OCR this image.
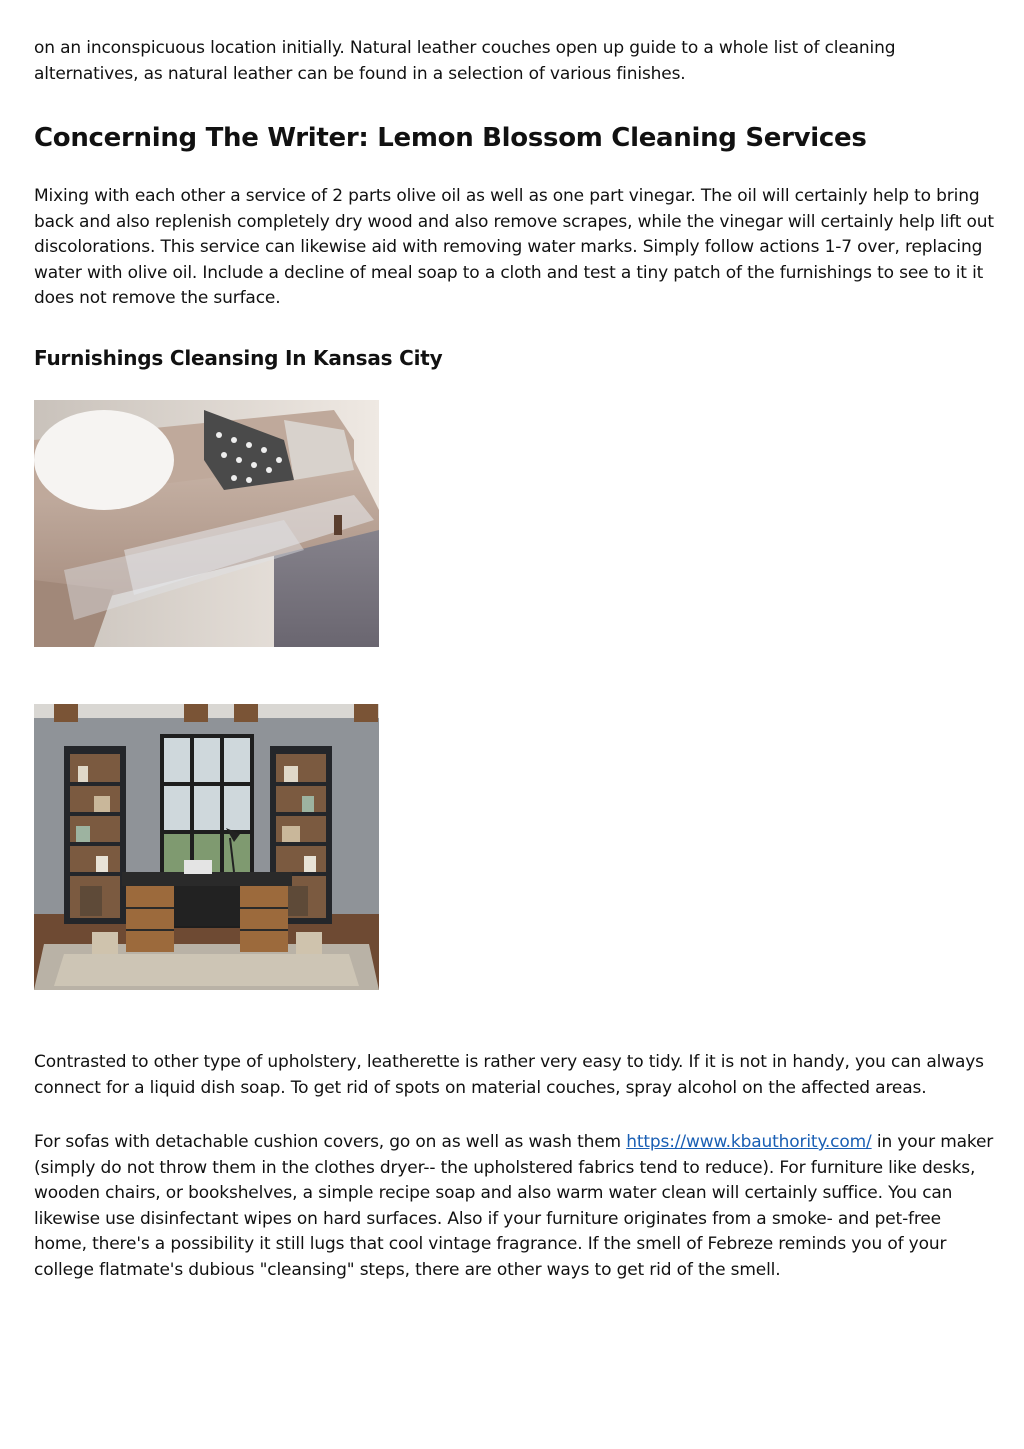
on an inconspicuous location initially. Natural leather couches open up guide to a whole list of cleaning alternatives, as natural leather can be found in a selection of various finishes.

Concerning The Writer: Lemon Blossom Cleaning Services

Mixing with each other a service of 2 parts olive oil as well as one part vinegar. The oil will certainly help to bring back and also replenish completely dry wood and also remove scrapes, while the vinegar will certainly help lift out discolorations. This service can likewise aid with removing water marks. Simply follow actions 1-7 over, replacing water with olive oil. Include a decline of meal soap to a cloth and test a tiny patch of the furnishings to see to it it does not remove the surface.

Furnishings Cleansing In Kansas City

Contrasted to other type of upholstery, leatherette is rather very easy to tidy. If it is not in handy, you can always connect for a liquid dish soap. To get rid of spots on material couches, spray alcohol on the affected areas.

For sofas with detachable cushion covers, go on as well as wash them https://www.kbauthority.com/ in your maker (simply do not throw them in the clothes dryer-- the upholstered fabrics tend to reduce). For furniture like desks, wooden chairs, or bookshelves, a simple recipe soap and also warm water clean will certainly suffice. You can likewise use disinfectant wipes on hard surfaces. Also if your furniture originates from a smoke- and pet-free home, there's a possibility it still lugs that cool vintage fragrance. If the smell of Febreze reminds you of your college flatmate's dubious "cleansing" steps, there are other ways to get rid of the smell.
